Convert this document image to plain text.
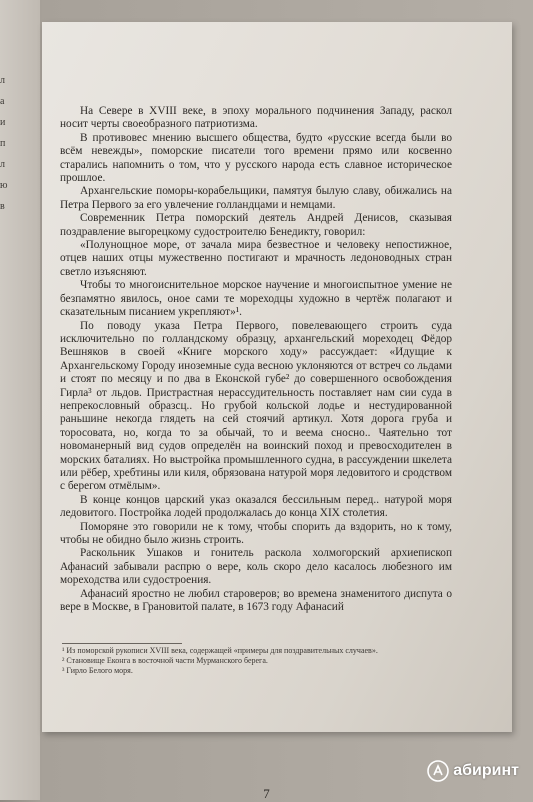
л
а
и
п
л
ю
в

На Севере в XVIII веке, в эпоху морального подчинения Западу, раскол носит черты своеобразного патриотизма.

В противовес мнению высшего общества, будто «русские всегда были во всём невежды», поморские писатели того времени прямо или косвенно старались напомнить о том, что у русского народа есть славное историческое прошлое.

Архангельские поморы-корабельщики, памятуя былую славу, обижались на Петра Первого за его увлечение голландцами и немцами.

Современник Петра поморский деятель Андрей Денисов, сказывая поздравление выгорецкому судостроителю Бенедикту, говорил:

«Полунощное море, от зачала мира безвестное и человеку непостижное, отцев наших отцы мужественно постигают и мрачность ледоноводных стран светло изъясняют.

Чтобы то многоиснительное морское научение и многоиспытное умение не безпамятно явилось, оное сами те мореходцы художно в чертёж полагают и сказательным писанием укрепляют»¹.

По поводу указа Петра Первого, повелевающего строить суда исключительно по голландскому образцу, архангельский мореходец Фёдор Вешняков в своей «Книге морского ходу» рассуждает: «Идущие к Архангельскому Городу иноземные суда весною уклоняются от встреч со льдами и стоят по месяцу и по два в Еконской губе² до совершенного освобождения Гирла³ от льдов. Пристрастная нерассудительность поставляет нам сии суда в непрекословный образсц.. Но грубой кольской лодье и нестудированной раньшине некогда глядеть на сей стоячий артикул. Хотя дорога груба и торосовата, но, когда то за обычай, то и веема сносно.. Чаятельно тот новоманерный вид судов определён на воинский поход и превосходителен в морских баталиях. Но выстройка промышленного судна, в рассуждении шкелета или рёбер, хребтины или киля, обрязована натурой моря ледовитого и сродством с берегом отмёлым».

В конце концов царский указ оказался бессильным перед.. натурой моря ледовитого. Постройка лодей продолжалась до конца XIX столетия.

Поморяне это говорили не к тому, чтобы спорить да вздорить, но к тому, чтобы не обидно было жизнь строить.

Раскольник Ушаков и гонитель раскола холмогорский архиепископ Афанасий забывали распрю о вере, коль скоро дело касалось любезного им мореходства или судостроения.

Афанасий яростно не любил староверов; во времена знаменитого диспута о вере в Москве, в Грановитой палате, в 1673 году Афанасий

¹ Из поморской рукописи XVIII века, содержащей «примеры для поздравительных случаев».
² Становище Еконга в восточной части Мурманского берега.
³ Гирло Белого моря.
7
абиринт
